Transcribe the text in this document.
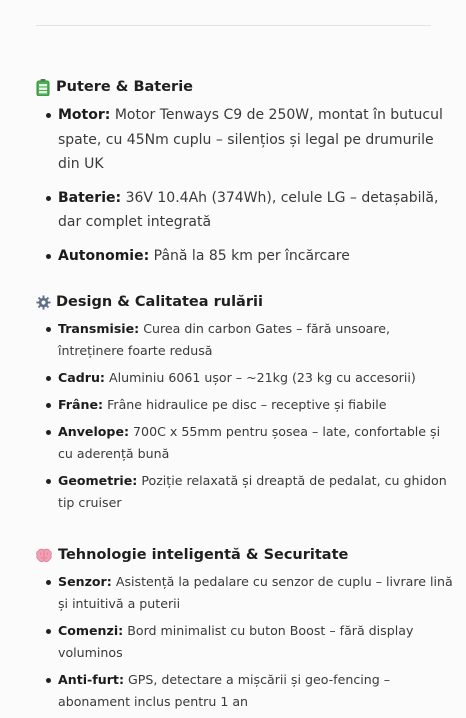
Putere & Baterie
Motor: Motor Tenways C9 de 250W, montat în butucul spate, cu 45Nm cuplu – silențios și legal pe drumurile din UK
Baterie: 36V 10.4Ah (374Wh), celule LG – detașabilă, dar complet integrată
Autonomie: Până la 85 km per încărcare
Design & Calitatea rulării
Transmisie: Curea din carbon Gates – fără unsoare, întreținere foarte redusă
Cadru: Aluminiu 6061 ușor – ~21kg (23 kg cu accesorii)
Frâne: Frâne hidraulice pe disc – receptive și fiabile
Anvelope: 700C x 55mm pentru șosea – late, confortable și cu aderență bună
Geometrie: Poziție relaxată și dreaptă de pedalat, cu ghidon tip cruiser
Tehnologie inteligentă & Securitate
Senzor: Asistență la pedalare cu senzor de cuplu – livrare lină și intuitivă a puterii
Comenzi: Bord minimalist cu buton Boost – fără display voluminos
Anti-furt: GPS, detectare a mișcării și geo-fencing – abonament inclus pentru 1 an
